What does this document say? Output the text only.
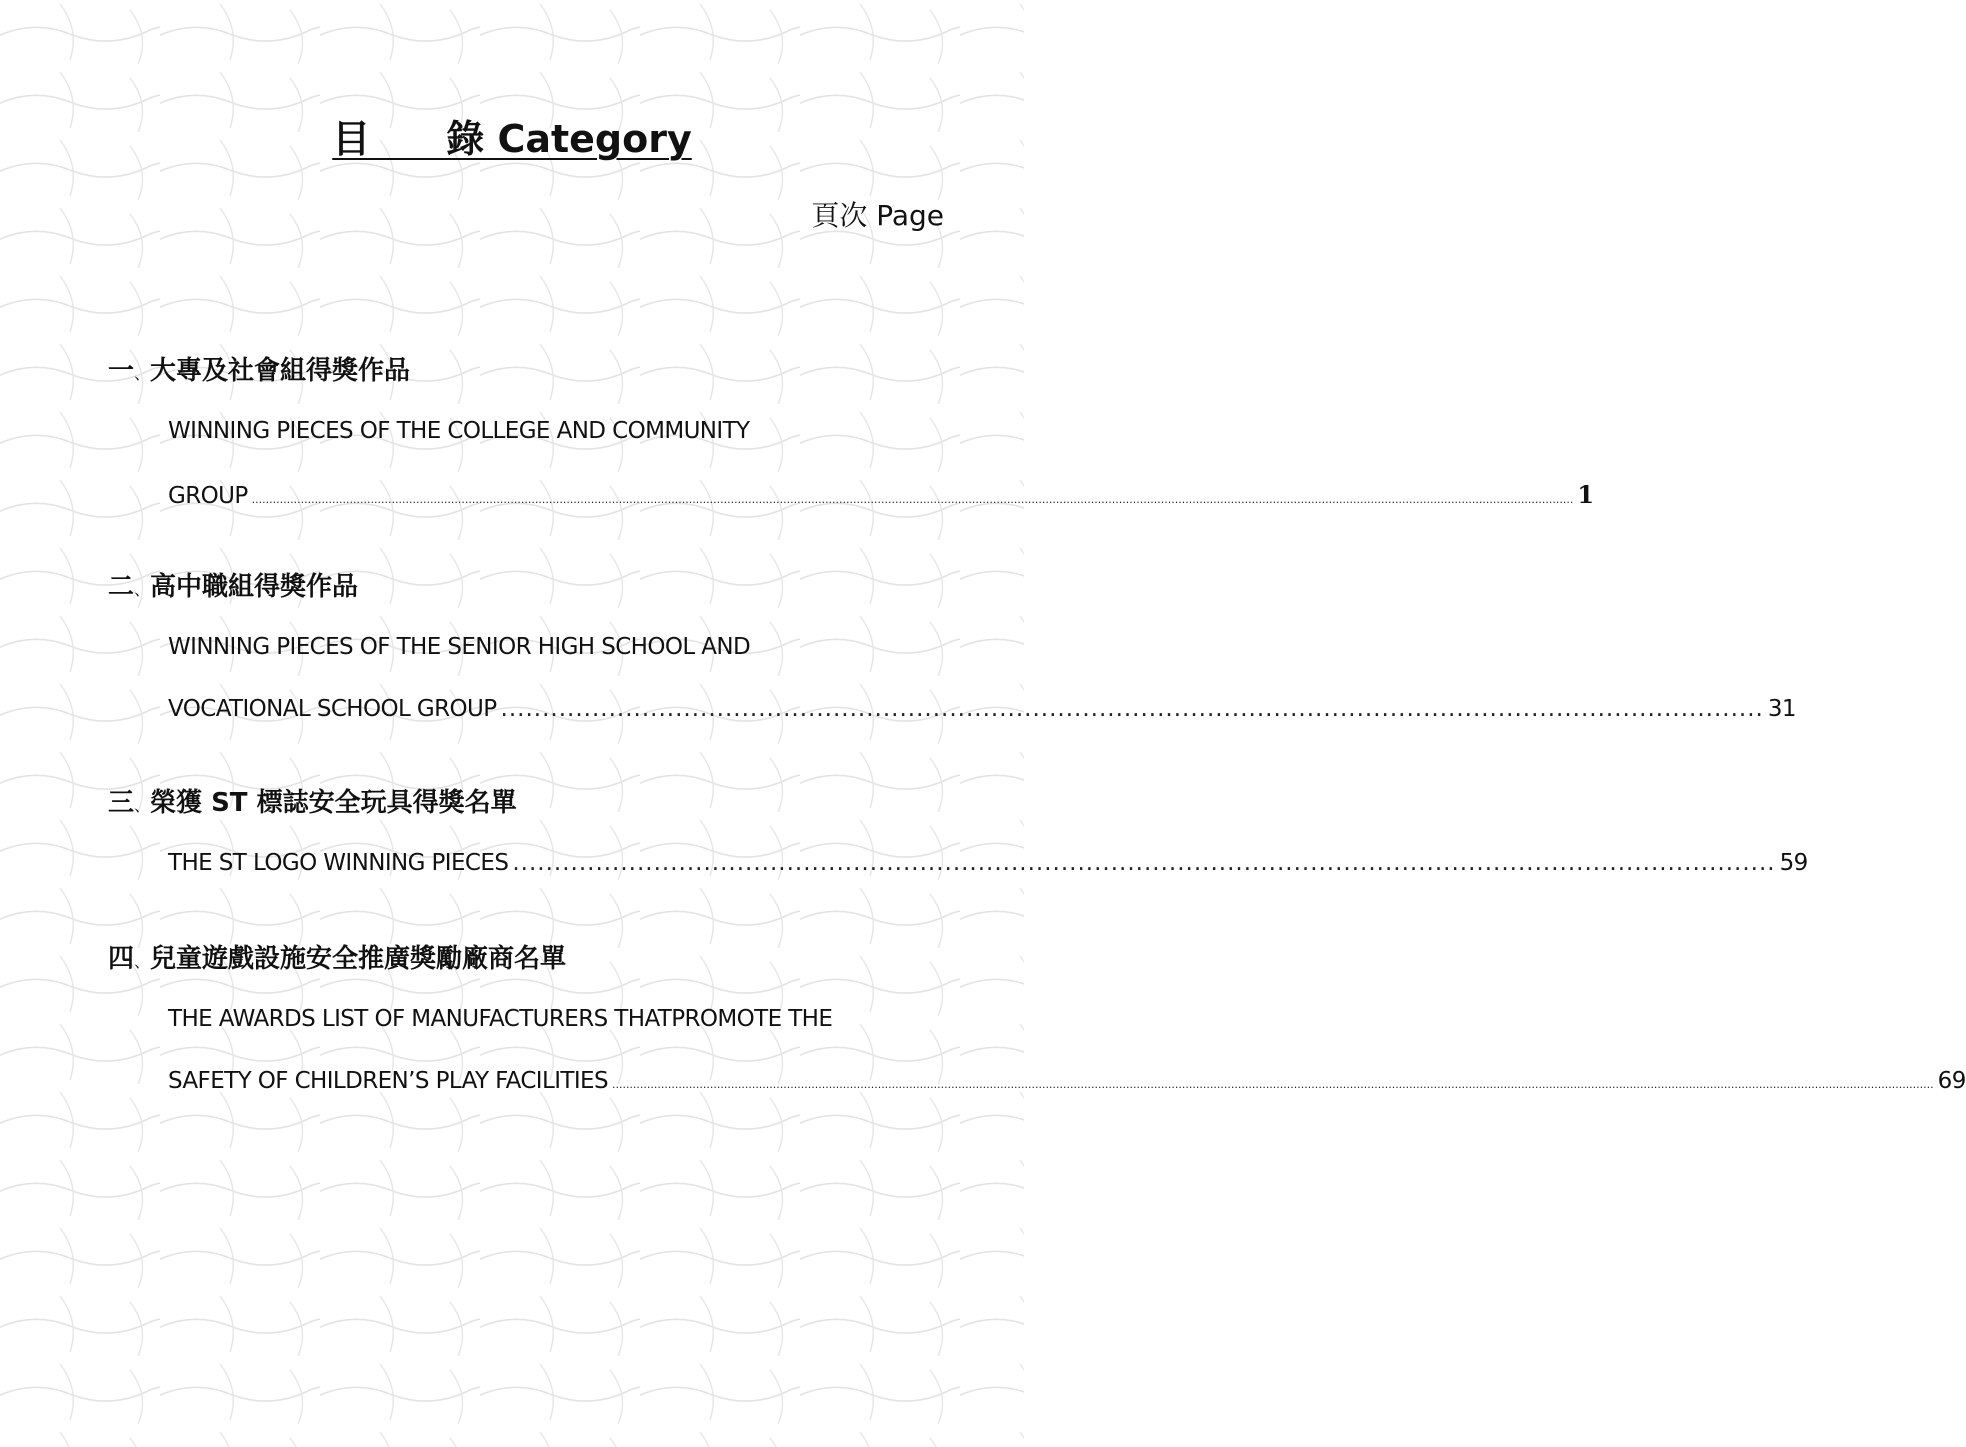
目　　錄 Category
頁次 Page
一、大專及社會組得獎作品
WINNING PIECES OF THE COLLEGE AND COMMUNITY
GROUP .......................................................................................................................................................................................................................................................................................................................................................................................... 1
二、高中職組得獎作品
WINNING PIECES OF THE SENIOR HIGH SCHOOL AND
VOCATIONAL SCHOOL GROUP ........................................................................................................................................................ 31
三、榮獲 ST 標誌安全玩具得獎名單
THE ST LOGO WINNING PIECES ........................................................................................................................................................ 59
四、兒童遊戲設施安全推廣獎勵廠商名單
THE AWARDS LIST OF MANUFACTURERS THATPROMOTE THE
SAFETY OF CHILDREN’S PLAY FACILITIES .......................................................................................................................................................................................................................................................................................................................................................................................... 69
